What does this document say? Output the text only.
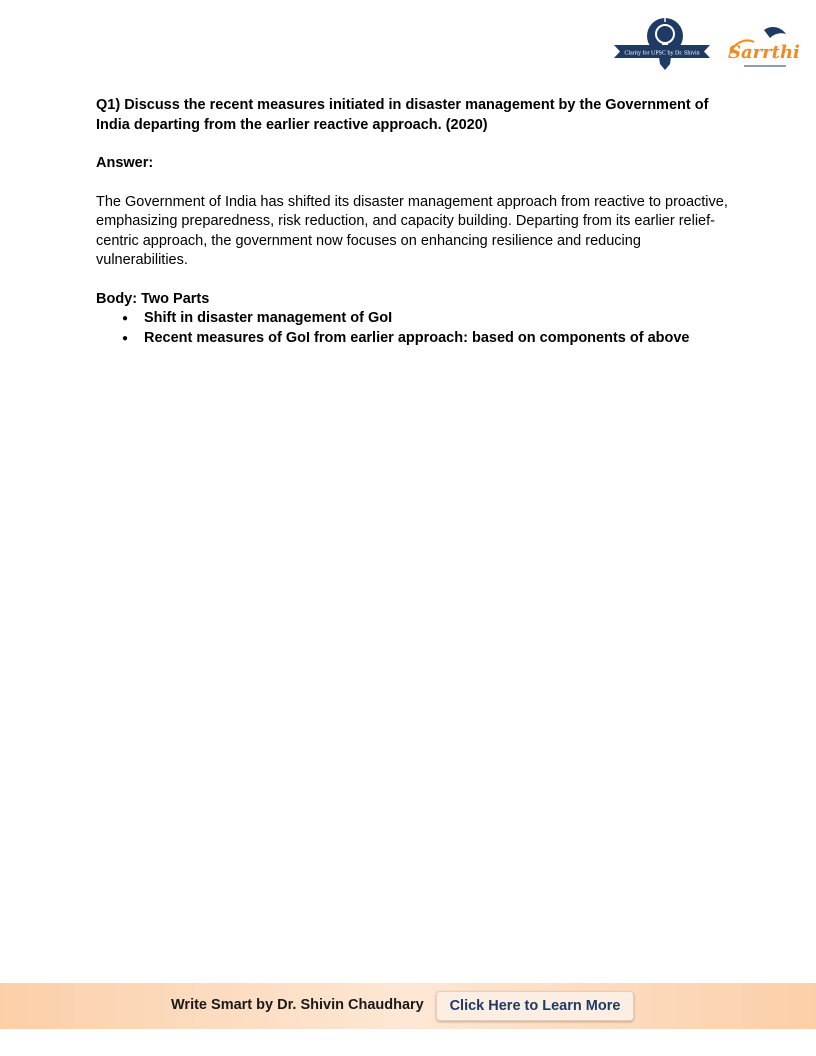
Clarity for UPSC by Dr. Shivin Sarrthi

Q1) Discuss the recent measures initiated in disaster management by the Government of India departing from the earlier reactive approach. (2020)

Answer:

The Government of India has shifted its disaster management approach from reactive to proactive, emphasizing preparedness, risk reduction, and capacity building. Departing from its earlier relief-centric approach, the government now focuses on enhancing resilience and reducing vulnerabilities.

Body: Two Parts

● Shift in disaster management of GoI
● Recent measures of GoI from earlier approach: based on components of above
Write Smart by Dr. Shivin Chaudhary	Click Here to Learn More
